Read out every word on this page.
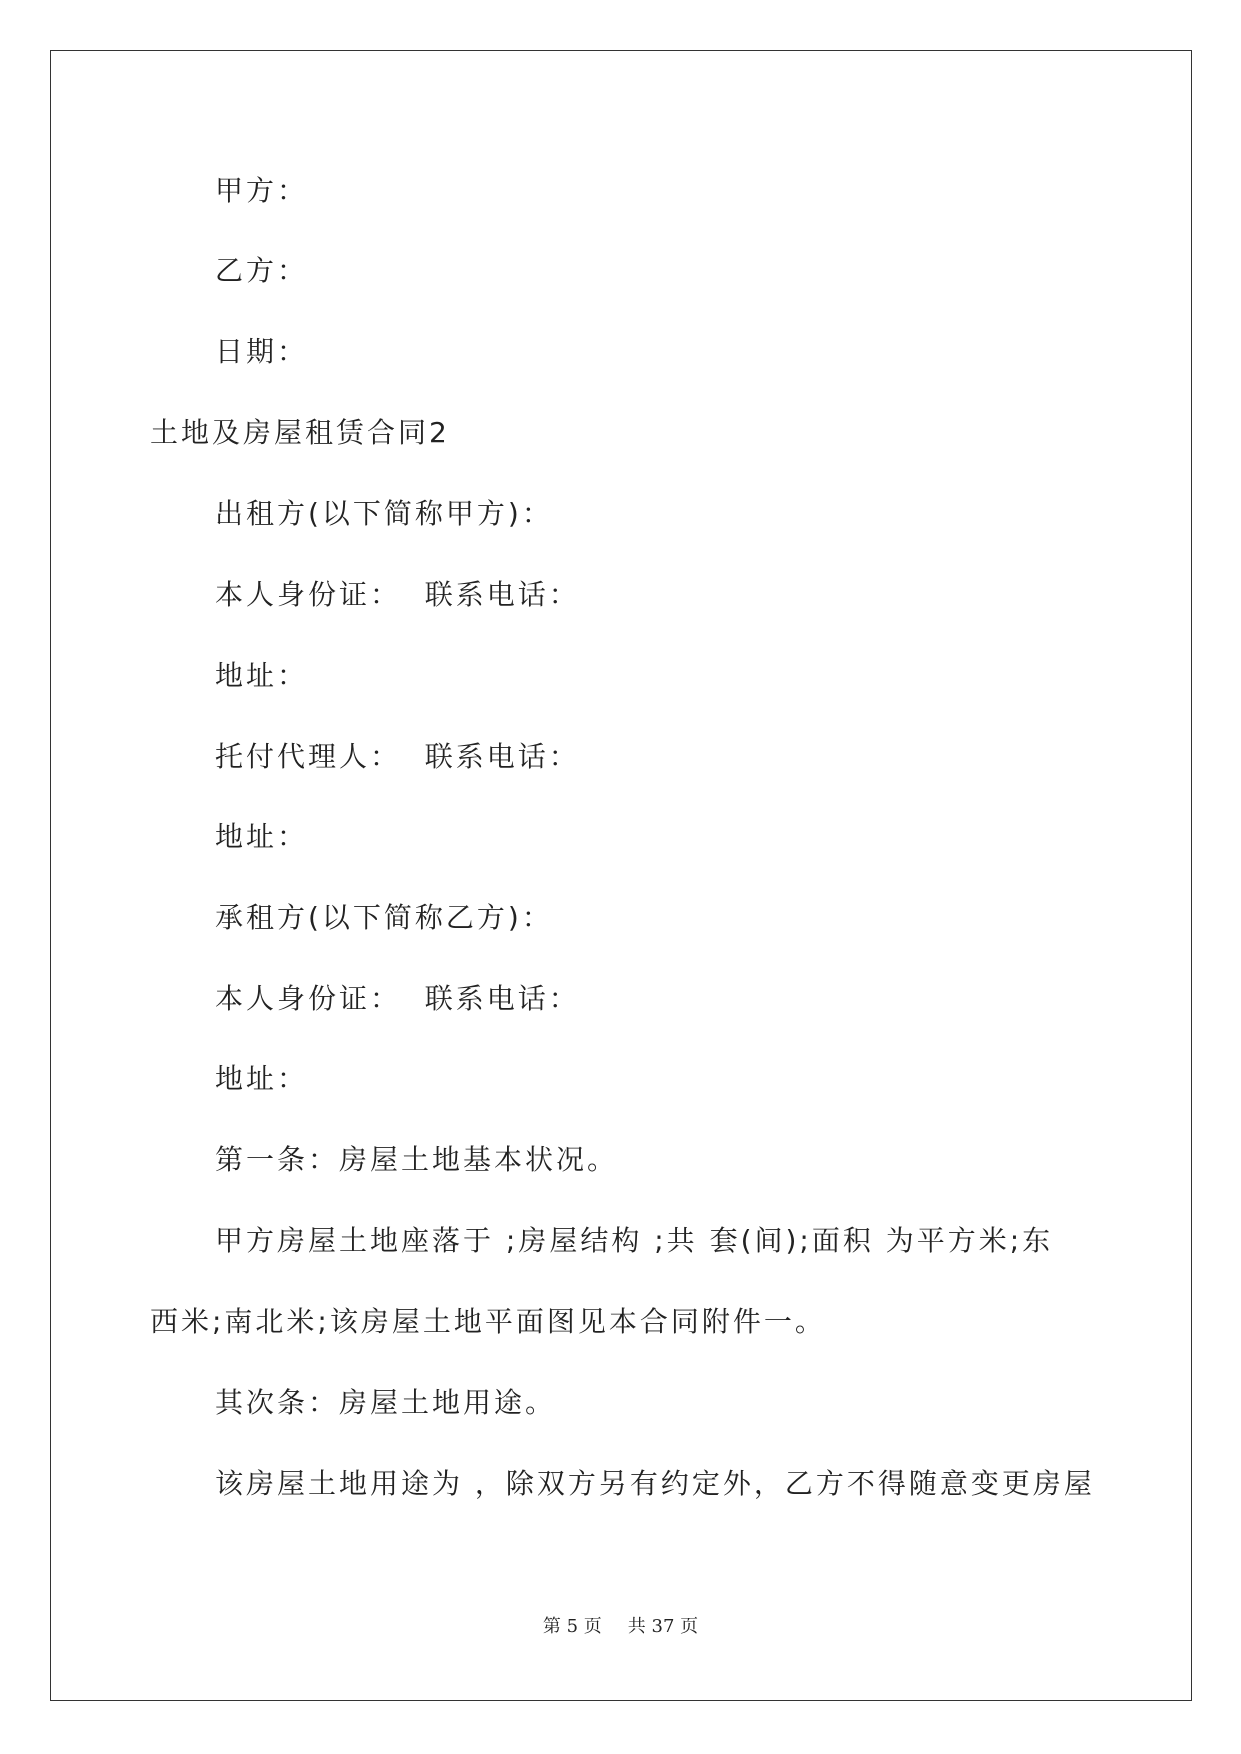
甲方：
乙方：
日期：
土地及房屋租赁合同2
出租方(以下简称甲方)：
本人身份证：  联系电话：
地址：
托付代理人：  联系电话：
地址：
承租方(以下简称乙方)：
本人身份证：  联系电话：
地址：
第一条：房屋土地基本状况。
甲方房屋土地座落于 ;房屋结构 ;共 套(间);面积 为平方米;东
西米;南北米;该房屋土地平面图见本合同附件一。
其次条：房屋土地用途。
该房屋土地用途为 ，除双方另有约定外，乙方不得随意变更房屋
第 5 页 共 37 页
